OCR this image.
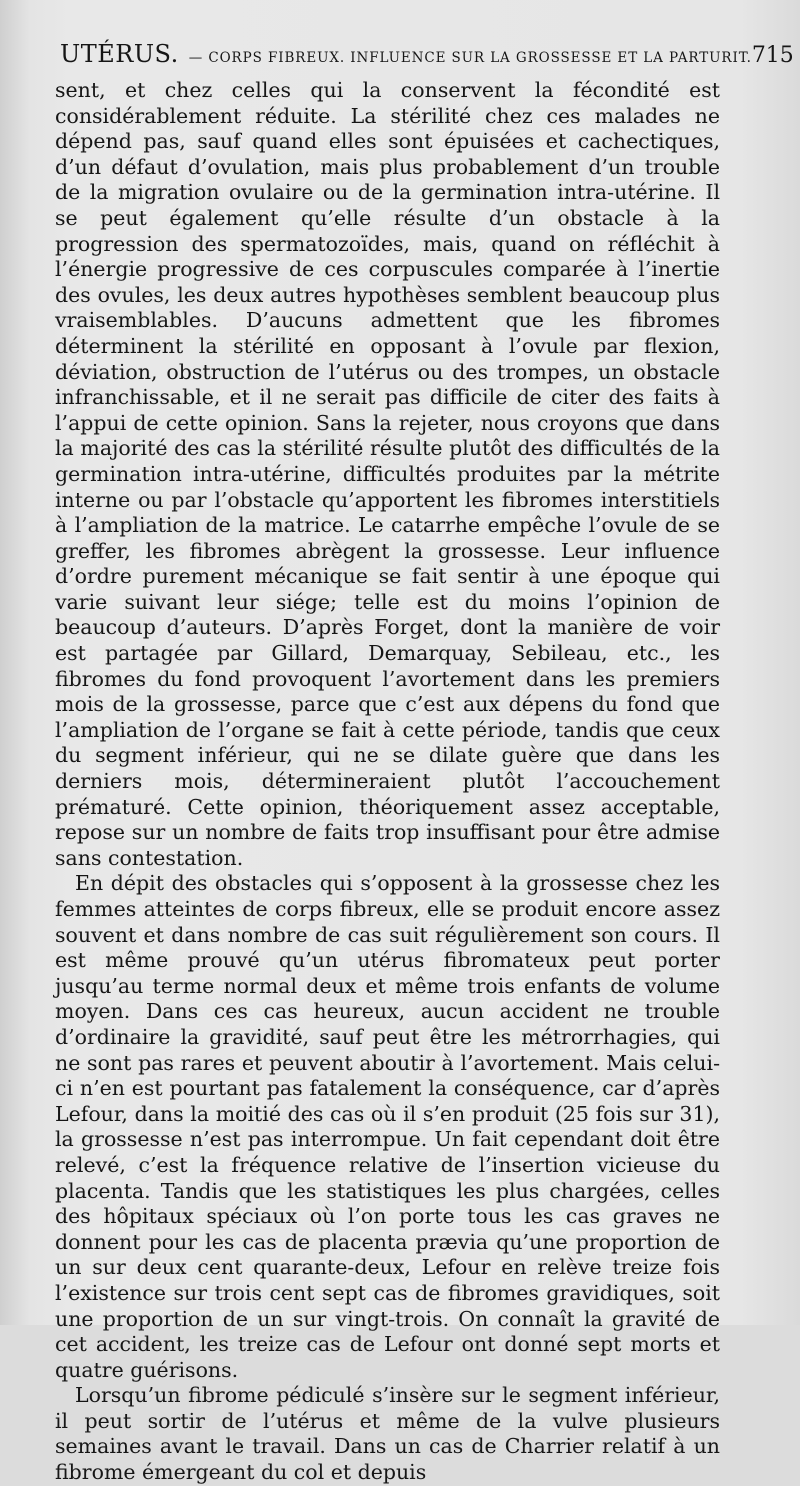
UTÉRUS. — CORPS FIBREUX. INFLUENCE SUR LA GROSSESSE ET LA PARTURIT. 715

sent, et chez celles qui la conservent la fécondité est considérablement réduite. La stérilité chez ces malades ne dépend pas, sauf quand elles sont épuisées et cachectiques, d’un défaut d’ovulation, mais plus probablement d’un trouble de la migration ovulaire ou de la germination intra-utérine. Il se peut également qu’elle résulte d’un obstacle à la progression des spermatozoïdes, mais, quand on réfléchit à l’énergie progressive de ces corpuscules comparée à l’inertie des ovules, les deux autres hypothèses semblent beaucoup plus vraisemblables. D’aucuns admettent que les fibromes déterminent la stérilité en opposant à l’ovule par flexion, déviation, obstruction de l’utérus ou des trompes, un obstacle infranchissable, et il ne serait pas difficile de citer des faits à l’appui de cette opinion. Sans la rejeter, nous croyons que dans la majorité des cas la stérilité résulte plutôt des difficultés de la germination intra-utérine, difficultés produites par la métrite interne ou par l’obstacle qu’apportent les fibromes interstitiels à l’ampliation de la matrice. Le catarrhe empêche l’ovule de se greffer, les fibromes abrègent la grossesse. Leur influence d’ordre purement mécanique se fait sentir à une époque qui varie suivant leur siége; telle est du moins l’opinion de beaucoup d’auteurs. D’après Forget, dont la manière de voir est partagée par Gillard, Demarquay, Sebileau, etc., les fibromes du fond provoquent l’avortement dans les premiers mois de la grossesse, parce que c’est aux dépens du fond que l’ampliation de l’organe se fait à cette période, tandis que ceux du segment inférieur, qui ne se dilate guère que dans les derniers mois, détermineraient plutôt l’accouchement prématuré. Cette opinion, théoriquement assez acceptable, repose sur un nombre de faits trop insuffisant pour être admise sans contestation.

En dépit des obstacles qui s’opposent à la grossesse chez les femmes atteintes de corps fibreux, elle se produit encore assez souvent et dans nombre de cas suit régulièrement son cours. Il est même prouvé qu’un utérus fibromateux peut porter jusqu’au terme normal deux et même trois enfants de volume moyen. Dans ces cas heureux, aucun accident ne trouble d’ordinaire la gravidité, sauf peut être les métrorrhagies, qui ne sont pas rares et peuvent aboutir à l’avortement. Mais celui-ci n’en est pourtant pas fatalement la conséquence, car d’après Lefour, dans la moitié des cas où il s’en produit (25 fois sur 31), la grossesse n’est pas interrompue. Un fait cependant doit être relevé, c’est la fréquence relative de l’insertion vicieuse du placenta. Tandis que les statistiques les plus chargées, celles des hôpitaux spéciaux où l’on porte tous les cas graves ne donnent pour les cas de placenta prævia qu’une proportion de un sur deux cent quarante-deux, Lefour en relève treize fois l’existence sur trois cent sept cas de fibromes gravidiques, soit une proportion de un sur vingt-trois. On connaît la gravité de cet accident, les treize cas de Lefour ont donné sept morts et quatre guérisons.

Lorsqu’un fibrome pédiculé s’insère sur le segment inférieur, il peut sortir de l’utérus et même de la vulve plusieurs semaines avant le travail. Dans un cas de Charrier relatif à un fibrome émergeant du col et depuis
